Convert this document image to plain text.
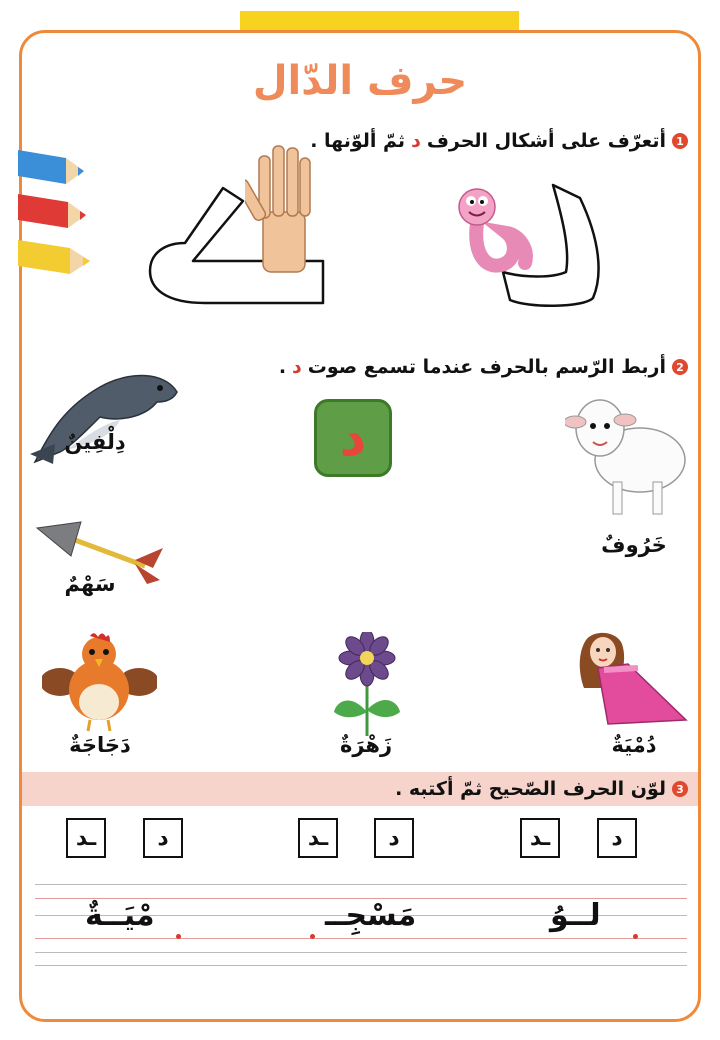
حرف الدّال
1
أتعرّف على أشكال الحرف
د
ثمّ ألوّنها .
2
أربط الرّسم بالحرف عندما تسمع صوت
د
.
دِلْفِينٌ	د
خَرُوفٌ
سَهْمٌ
دَجَاجَةٌ	زَهْرَةٌ	دُمْيَةٌ
3
لوّن الحرف الصّحيح ثمّ أكتبه .
د
ـد
د
ـد
د
ـد
لــوُ
مَسْجِــ
مْيَــةٌ
